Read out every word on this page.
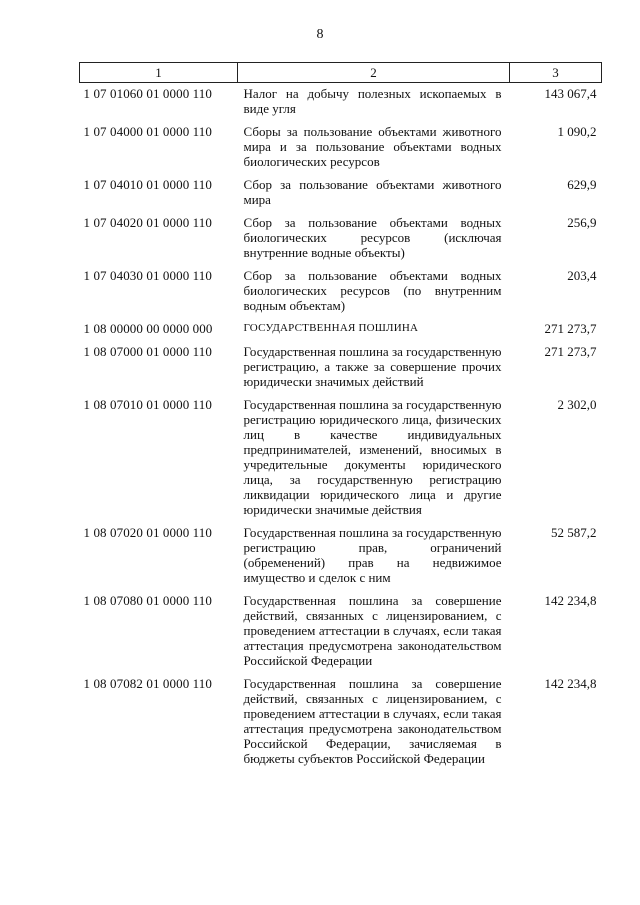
8
1	2	3
1 07 01060 01 0000 110	Налог на добычу полезных ископаемых в виде угля	143 067,4
1 07 04000 01 0000 110	Сборы за пользование объектами животного мира и за пользование объектами водных биологических ресурсов	1 090,2
1 07 04010 01 0000 110	Сбор за пользование объектами животного мира	629,9
1 07 04020 01 0000 110	Сбор за пользование объектами водных биологических ресурсов (исключая внутренние водные объекты)	256,9
1 07 04030 01 0000 110	Сбор за пользование объектами водных биологических ресурсов (по внутренним водным объектам)	203,4
1 08 00000 00 0000 000	ГОСУДАРСТВЕННАЯ ПОШЛИНА	271 273,7
1 08 07000 01 0000 110	Государственная пошлина за государственную регистрацию, а также за совершение прочих юридически значимых действий	271 273,7
1 08 07010 01 0000 110	Государственная пошлина за государственную регистрацию юридического лица, физических лиц в качестве индивидуальных предпринимателей, изменений, вносимых в учредительные документы юридического лица, за государственную регистрацию ликвидации юридического лица и другие юридически значимые действия	2 302,0
1 08 07020 01 0000 110	Государственная пошлина за государственную регистрацию прав, ограничений (обременений) прав на недвижимое имущество и сделок с ним	52 587,2
1 08 07080 01 0000 110	Государственная пошлина за совершение действий, связанных с лицензированием, с проведением аттестации в случаях, если такая аттестация предусмотрена законодательством Российской Федерации	142 234,8
1 08 07082 01 0000 110	Государственная пошлина за совершение действий, связанных с лицензированием, с проведением аттестации в случаях, если такая аттестация предусмотрена законодательством Российской Федерации, зачисляемая в бюджеты субъектов Российской Федерации	142 234,8
